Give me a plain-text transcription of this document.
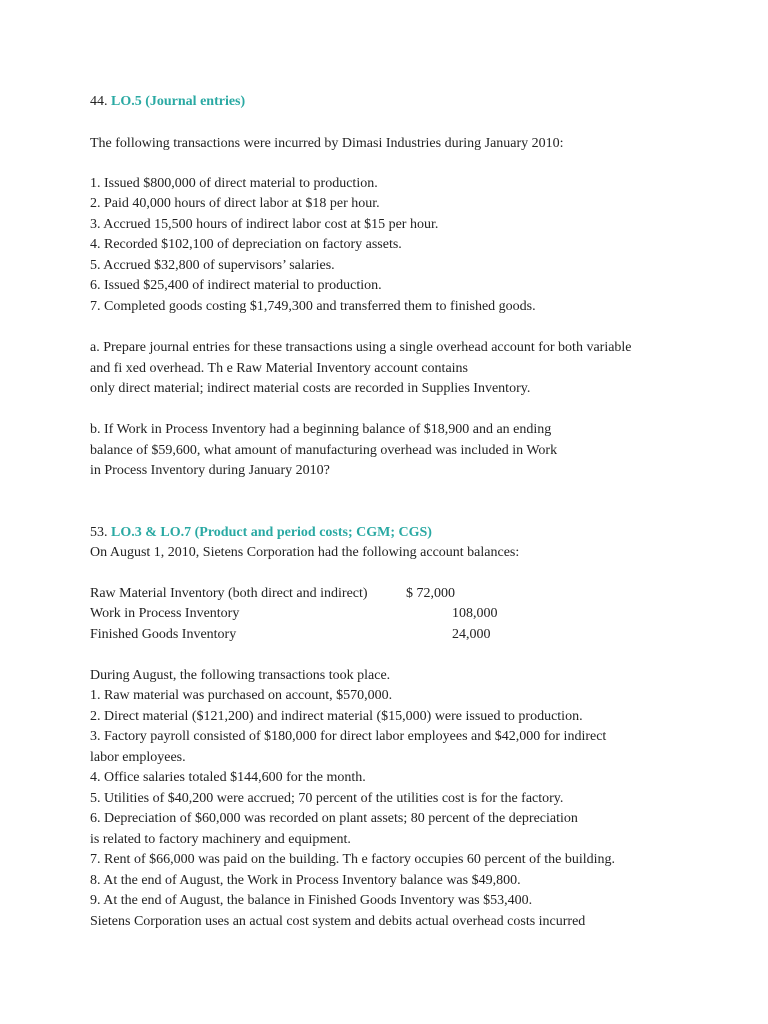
44. LO.5 (Journal entries)
The following transactions were incurred by Dimasi Industries during January 2010:
1. Issued $800,000 of direct material to production.
2. Paid 40,000 hours of direct labor at $18 per hour.
3. Accrued 15,500 hours of indirect labor cost at $15 per hour.
4. Recorded $102,100 of depreciation on factory assets.
5. Accrued $32,800 of supervisors’ salaries.
6. Issued $25,400 of indirect material to production.
7. Completed goods costing $1,749,300 and transferred them to finished goods.
a. Prepare journal entries for these transactions using a single overhead account for both variable
and fi xed overhead. Th e Raw Material Inventory account contains
only direct material; indirect material costs are recorded in Supplies Inventory.
b. If Work in Process Inventory had a beginning balance of $18,900 and an ending
balance of $59,600, what amount of manufacturing overhead was included in Work
in Process Inventory during January 2010?
53. LO.3 & LO.7 (Product and period costs; CGM; CGS)
On August 1, 2010, Sietens Corporation had the following account balances:
Raw Material Inventory (both direct and indirect)
Work in Process Inventory
Finished Goods Inventory
$ 72,000
108,000
24,000
During August, the following transactions took place.
1. Raw material was purchased on account, $570,000.
2. Direct material ($121,200) and indirect material ($15,000) were issued to production.
3. Factory payroll consisted of $180,000 for direct labor employees and $42,000 for indirect
labor employees.
4. Office salaries totaled $144,600 for the month.
5. Utilities of $40,200 were accrued; 70 percent of the utilities cost is for the factory.
6. Depreciation of $60,000 was recorded on plant assets; 80 percent of the depreciation
is related to factory machinery and equipment.
7. Rent of $66,000 was paid on the building. Th e factory occupies 60 percent of the building.
8. At the end of August, the Work in Process Inventory balance was $49,800.
9. At the end of August, the balance in Finished Goods Inventory was $53,400.
Sietens Corporation uses an actual cost system and debits actual overhead costs incurred
